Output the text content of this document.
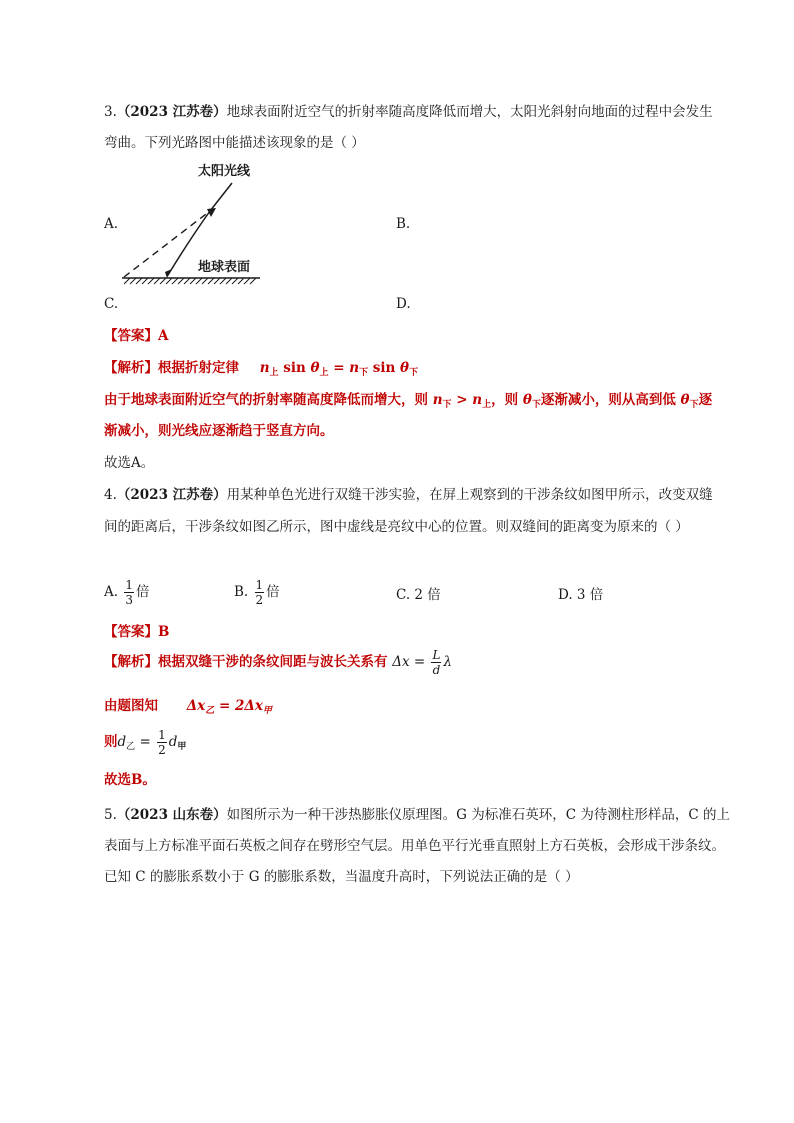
3.（2023 江苏卷）地球表面附近空气的折射率随高度降低而增大，太阳光斜射向地面的过程中会发生
弯曲。下列光路图中能描述该现象的是（ ）
太阳光线
地球表面
A.	B.
C.	D.
【答案】A
【解析】根据折射定律 $n_上$ $\sin \theta_上 = n_下$ $\sin \theta_下$
由于地球表面附近空气的折射率随高度降低而增大，则 $n_下 > n_上$，则 $\theta_下$逐渐减小，则从高到低 $\theta_下$逐
渐减小，则光线应逐渐趋于竖直方向。
故选A。
4.（2023 江苏卷）用某种单色光进行双缝干涉实验，在屏上观察到的干涉条纹如图甲所示，改变双缝
间的距离后，干涉条纹如图乙所示，图中虚线是亮纹中心的位置。则双缝间的距离变为原来的（ ）
A. $\frac{1}{3}$ 倍	B. $\frac{1}{2}$ 倍	C. 2 倍	D. 3 倍
【答案】B
【解析】根据双缝干涉的条纹间距与波长关系有 $\Delta x = \frac{L}{d}$ λ
由题图知 $\Delta x_乙 = 2\Delta x_甲$
则$d_乙 = \frac{1}{2} d_甲$
故选B。
5.（2023 山东卷）如图所示为一种干涉热膨胀仪原理图。G 为标准石英环，C 为待测柱形样品，C 的上
表面与上方标准平面石英板之间存在劈形空气层。用单色平行光垂直照射上方石英板，会形成干涉条纹。
已知 C 的膨胀系数小于 G 的膨胀系数，当温度升高时，下列说法正确的是（ ）
